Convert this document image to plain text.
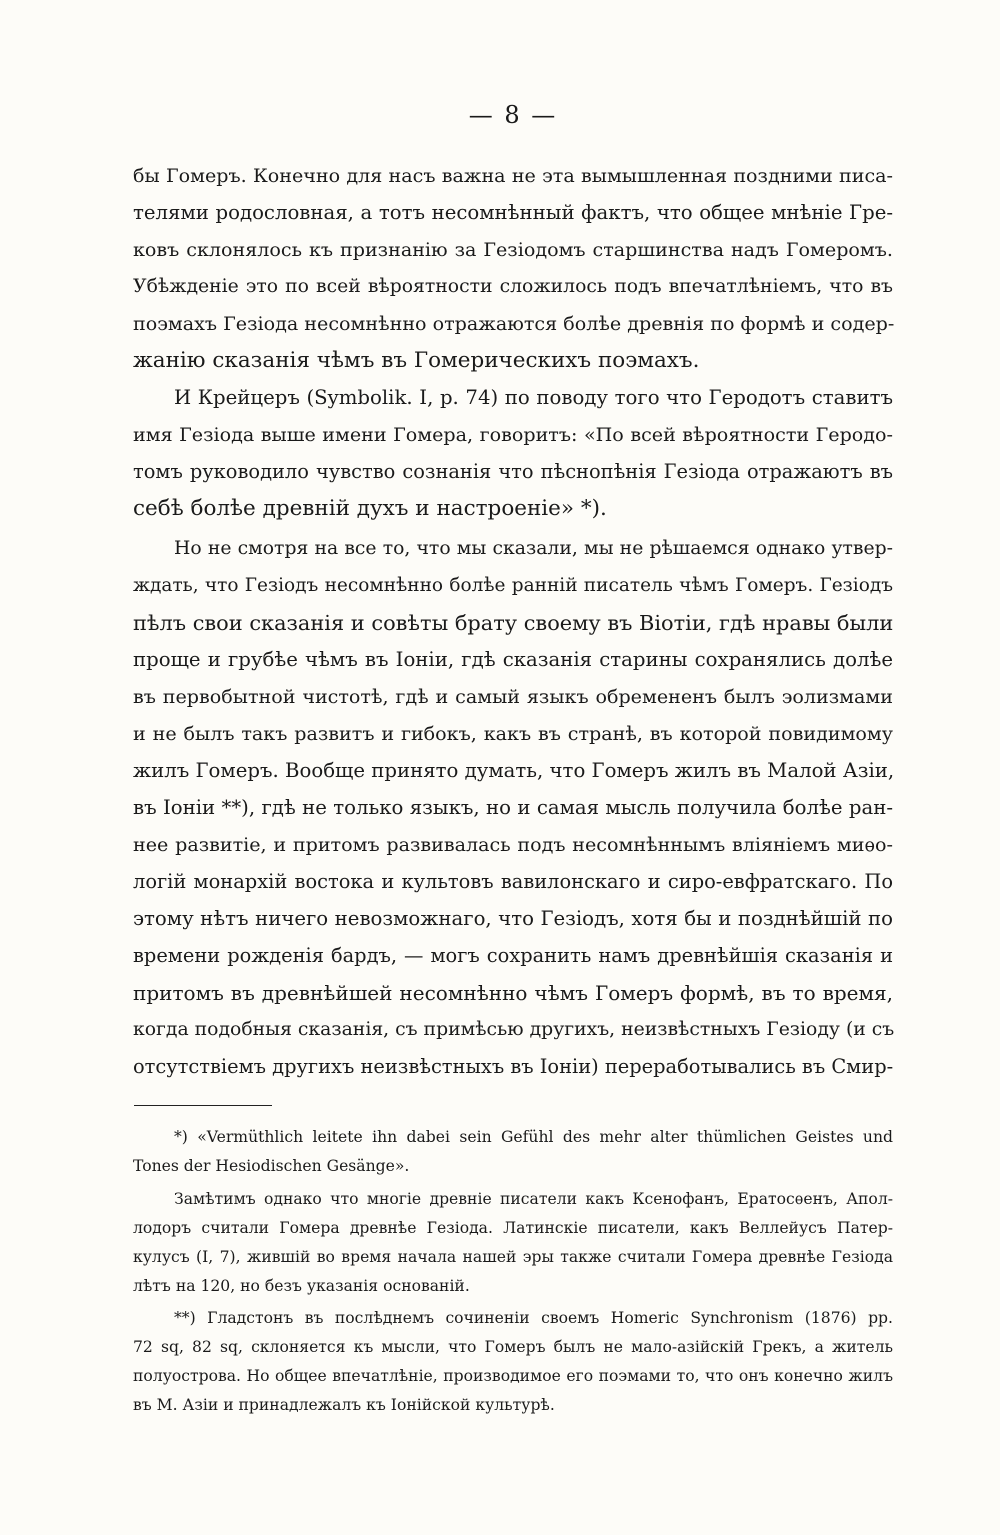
— 8 —
бы Гомеръ. Конечно для насъ важна не эта вымышленная поздними писа-
телями родословная, а тотъ несомнѣнный фактъ, что общее мнѣніе Гре-
ковъ склонялось къ признанію за Гезіодомъ старшинства надъ Гомеромъ.
Убѣжденіе это по всей вѣроятности сложилось подъ впечатлѣніемъ, что въ
поэмахъ Гезіода несомнѣнно отражаются болѣе древнія по формѣ и содер-
жанію сказанія чѣмъ въ Гомерическихъ поэмахъ.
И Крейцеръ (Symbolik. I, p. 74) по поводу того что Геродотъ ставитъ
имя Гезіода выше имени Гомера, говоритъ: «По всей вѣроятности Геродо-
томъ руководило чувство сознанія что пѣснопѣнія Гезіода отражаютъ въ
себѣ болѣе древній духъ и настроеніе» *).
Но не смотря на все то, что мы сказали, мы не рѣшаемся однако утвер-
ждать, что Гезіодъ несомнѣнно болѣе ранній писатель чѣмъ Гомеръ. Гезіодъ
пѣлъ свои сказанія и совѣты брату своему въ Віотіи, гдѣ нравы были
проще и грубѣе чѣмъ въ Іоніи, гдѣ сказанія старины сохранялись долѣе
въ первобытной чистотѣ, гдѣ и самый языкъ обремененъ былъ эолизмами
и не былъ такъ развитъ и гибокъ, какъ въ странѣ, въ которой повидимому
жилъ Гомеръ. Вообще принято думать, что Гомеръ жилъ въ Малой Азіи,
въ Іоніи **), гдѣ не только языкъ, но и самая мысль получила болѣе ран-
нее развитіе, и притомъ развивалась подъ несомнѣннымъ вліяніемъ миѳо-
логій монархій востока и культовъ вавилонскаго и сиро-евфратскаго. По
этому нѣтъ ничего невозможнаго, что Гезіодъ, хотя бы и позднѣйшій по
времени рожденія бардъ, — могъ сохранить намъ древнѣйшія сказанія и
притомъ въ древнѣйшей несомнѣнно чѣмъ Гомеръ формѣ, въ то время,
когда подобныя сказанія, съ примѣсью другихъ, неизвѣстныхъ Гезіоду (и съ
отсутствіемъ другихъ неизвѣстныхъ въ Іоніи) переработывались въ Смир-
*) «Vermüthlich leitete ihn dabei sein Gefühl des mehr alter thümlichen Geistes und
Tones der Hesiodischen Gesänge».
Замѣтимъ однако что многіе древніе писатели какъ Ксенофанъ, Ератосѳенъ, Апол-
лодоръ считали Гомера древнѣе Гезіода. Латинскіе писатели, какъ Веллейусъ Патер-
кулусъ (I, 7), жившій во время начала нашей эры также считали Гомера древнѣе Гезіода
лѣтъ на 120, но безъ указанія основаній.
**) Гладстонъ въ послѣднемъ сочиненіи своемъ Homeric Synchronism (1876) pp.
72 sq, 82 sq, склоняется къ мысли, что Гомеръ былъ не мало-азійскій Грекъ, а житель
полуострова. Но общее впечатлѣніе, производимое его поэмами то, что онъ конечно жилъ
въ М. Азіи и принадлежалъ къ Іонійской культурѣ.
